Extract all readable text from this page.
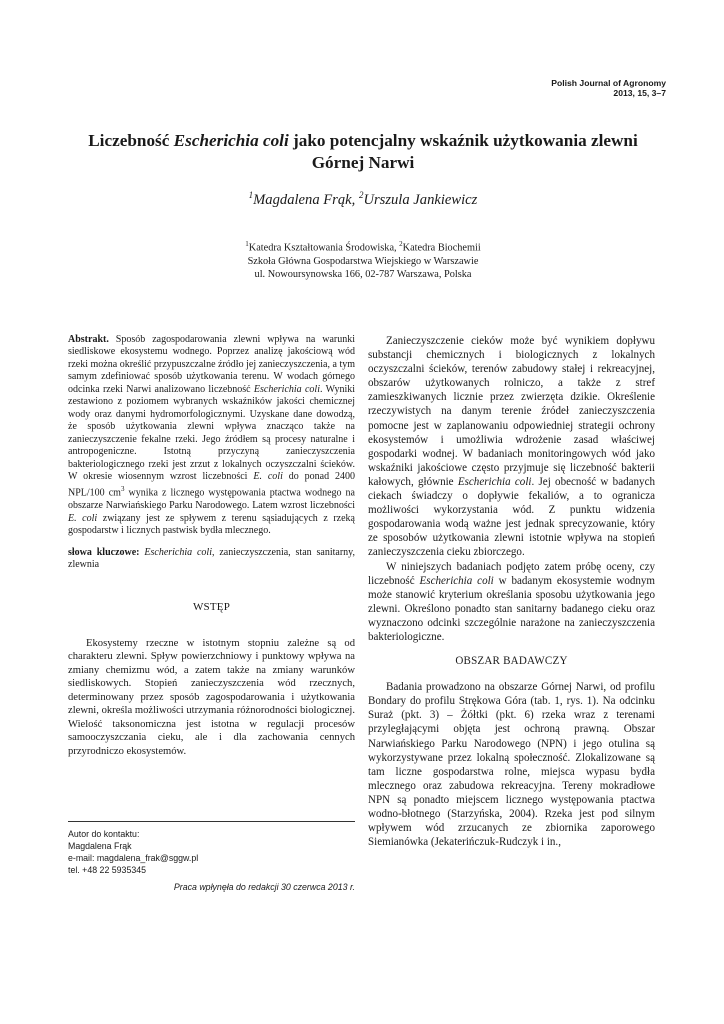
Polish Journal of Agronomy
2013, 15, 3–7
Liczebność Escherichia coli jako potencjalny wskaźnik użytkowania zlewni Górnej Narwi
$^1$Magdalena Frąk, $^2$Urszula Jankiewicz
$^1$Katedra Kształtowania Środowiska, $^2$Katedra Biochemii
Szkoła Główna Gospodarstwa Wiejskiego w Warszawie
ul. Nowoursynowska 166, 02-787 Warszawa, Polska

Abstrakt. Sposób zagospodarowania zlewni wpływa na warunki siedliskowe ekosystemu wodnego. Poprzez analizę jakościową wód rzeki można określić przypuszczalne źródło jej zanieczyszczenia, a tym samym zdefiniować sposób użytkowania terenu. W wodach górnego odcinka rzeki Narwi analizowano liczebność Escherichia coli. Wyniki zestawiono z poziomem wybranych wskaźników jakości chemicznej wody oraz danymi hydromorfologicznymi. Uzyskane dane dowodzą, że sposób użytkowania zlewni wpływa znacząco także na zanieczyszczenie fekalne rzeki. Jego źródłem są procesy naturalne i antropogeniczne. Istotną przyczyną zanieczyszczenia bakteriologicznego rzeki jest zrzut z lokalnych oczyszczalni ścieków. W okresie wiosennym wzrost liczebności E. coli do ponad 2400 NPL/100 $cm^3$ wynika z licznego występowania ptactwa wodnego na obszarze Narwiańskiego Parku Narodowego. Latem wzrost liczebności E. coli związany jest ze spływem z terenu sąsiadujących z rzeką gospodarstw i licznych pastwisk bydła mlecznego.

słowa kluczowe: Escherichia coli, zanieczyszczenia, stan sanitarny, zlewnia

WSTĘP

Ekosystemy rzeczne w istotnym stopniu zależne są od charakteru zlewni. Spływ powierzchniowy i punktowy wpływa na zmiany chemizmu wód, a zatem także na zmiany warunków siedliskowych. Stopień zanieczyszczenia wód rzecznych, determinowany przez sposób zagospodarowania i użytkowania zlewni, określa możliwości utrzymania różnorodności biologicznej. Wielość taksonomiczna jest istotna w regulacji procesów samooczyszczania cieku, ale i dla zachowania cennych przyrodniczo ekosystemów.

Autor do kontaktu:
Magdalena Frąk
e-mail: magdalena_frak@sggw.pl
tel. +48 22 5935345
Praca wpłynęła do redakcji 30 czerwca 2013 r.

Zanieczyszczenie cieków może być wynikiem dopływu substancji chemicznych i biologicznych z lokalnych oczyszczalni ścieków, terenów zabudowy stałej i rekreacyjnej, obszarów użytkowanych rolniczo, a także z stref zamieszkiwanych licznie przez zwierzęta dzikie. Określenie rzeczywistych na danym terenie źródeł zanieczyszczenia pomocne jest w zaplanowaniu odpowiedniej strategii ochrony ekosystemów i umożliwia wdrożenie zasad właściwej gospodarki wodnej. W badaniach monitoringowych wód jako wskaźniki jakościowe często przyjmuje się liczebność bakterii kałowych, głównie Escherichia coli. Jej obecność w badanych ciekach świadczy o dopływie fekaliów, a to ogranicza możliwości wykorzystania wód. Z punktu widzenia gospodarowania wodą ważne jest jednak sprecyzowanie, który ze sposobów użytkowania zlewni istotnie wpływa na stopień zanieczyszczenia cieku zbiorczego.

W niniejszych badaniach podjęto zatem próbę oceny, czy liczebność Escherichia coli w badanym ekosystemie wodnym może stanowić kryterium określania sposobu użytkowania jego zlewni. Określono ponadto stan sanitarny badanego cieku oraz wyznaczono odcinki szczególnie narażone na zanieczyszczenia bakteriologiczne.

OBSZAR BADAWCZY

Badania prowadzono na obszarze Górnej Narwi, od profilu Bondary do profilu Strękowa Góra (tab. 1, rys. 1). Na odcinku Suraż (pkt. 3) – Żółtki (pkt. 6) rzeka wraz z terenami przyległającymi objęta jest ochroną prawną. Obszar Narwiańskiego Parku Narodowego (NPN) i jego otulina są wykorzystywane przez lokalną społeczność. Zlokalizowane są tam liczne gospodarstwa rolne, miejsca wypasu bydła mlecznego oraz zabudowa rekreacyjna. Tereny mokradłowe NPN są ponadto miejscem licznego występowania ptactwa wodno-błotnego (Starzyńska, 2004). Rzeka jest pod silnym wpływem wód zrzucanych ze zbiornika zaporowego Siemianówka (Jekaterińczuk-Rudczyk i in.,
